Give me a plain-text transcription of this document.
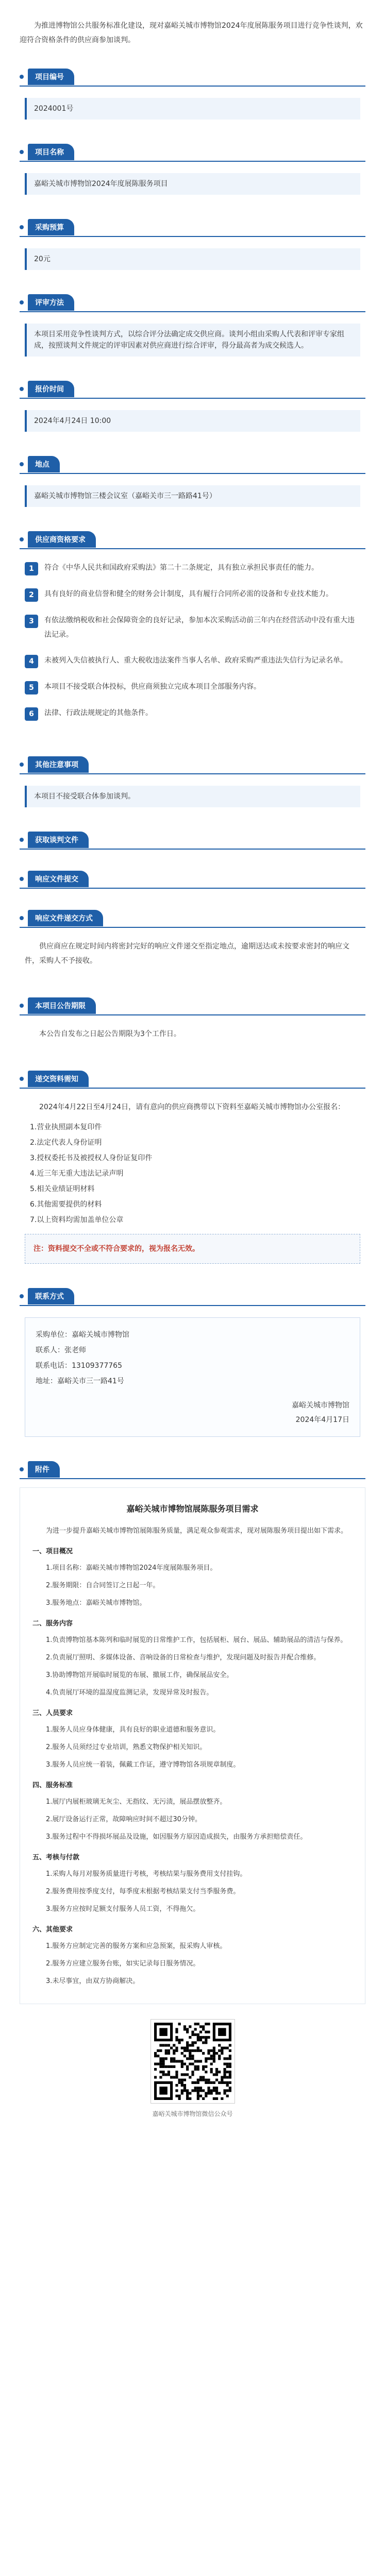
为推进博物馆公共服务标准化建设，现对嘉峪关城市博物馆2024年度展陈服务项目进行竞争性谈判，欢迎符合资格条件的供应商参加谈判。

项目编号
2024001号
项目名称
嘉峪关城市博物馆2024年度展陈服务项目
采购预算
20元
评审方法
本项目采用竞争性谈判方式，以综合评分法确定成交供应商。谈判小组由采购人代表和评审专家组成，按照谈判文件规定的评审因素对供应商进行综合评审，得分最高者为成交候选人。
报价时间
2024年4月24日 10:00
地点
嘉峪关城市博物馆三楼会议室（嘉峪关市三一路路41号）
供应商资格要求
1	符合《中华人民共和国政府采购法》第二十二条规定，具有独立承担民事责任的能力。
2	具有良好的商业信誉和健全的财务会计制度，具有履行合同所必需的设备和专业技术能力。
3	有依法缴纳税收和社会保障资金的良好记录，参加本次采购活动前三年内在经营活动中没有重大违法记录。
4	未被列入失信被执行人、重大税收违法案件当事人名单、政府采购严重违法失信行为记录名单。
5	本项目不接受联合体投标，供应商须独立完成本项目全部服务内容。
6	法律、行政法规规定的其他条件。
其他注意事项
本项目不接受联合体参加谈判。
获取谈判文件
响应文件提交
响应文件递交方式

供应商应在规定时间内将密封完好的响应文件递交至指定地点，逾期送达或未按要求密封的响应文件，采购人不予接收。

本项目公告期限

本公告自发布之日起公告期限为3个工作日。

递交资料需知

2024年4月22日至4月24日，请有意向的供应商携带以下资料至嘉峪关城市博物馆办公室报名：

1.营业执照副本复印件
2.法定代表人身份证明
3.授权委托书及被授权人身份证复印件
4.近三年无重大违法记录声明
5.相关业绩证明材料
6.其他需要提供的材料
7.以上资料均需加盖单位公章
注：资料提交不全或不符合要求的，视为报名无效。
联系方式
采购单位：嘉峪关城市博物馆
联系人：张老师
联系电话：13109377765
地址：嘉峪关市三一路41号
嘉峪关城市博物馆
2024年4月17日
附件
嘉峪关城市博物馆展陈服务项目需求

为进一步提升嘉峪关城市博物馆展陈服务质量，满足观众参观需求，现对展陈服务项目提出如下需求。

一、项目概况

1.项目名称：嘉峪关城市博物馆2024年度展陈服务项目。

2.服务期限：自合同签订之日起一年。

3.服务地点：嘉峪关城市博物馆。

二、服务内容

1.负责博物馆基本陈列和临时展览的日常维护工作，包括展柜、展台、展品、辅助展品的清洁与保养。

2.负责展厅照明、多媒体设备、音响设备的日常检查与维护，发现问题及时报告并配合维修。

3.协助博物馆开展临时展览的布展、撤展工作，确保展品安全。

4.负责展厅环境的温湿度监测记录，发现异常及时报告。

三、人员要求

1.服务人员应身体健康，具有良好的职业道德和服务意识。

2.服务人员须经过专业培训，熟悉文物保护相关知识。

3.服务人员应统一着装，佩戴工作证，遵守博物馆各项规章制度。

四、服务标准

1.展厅内展柜玻璃无灰尘、无指纹、无污渍，展品摆放整齐。

2.展厅设备运行正常，故障响应时间不超过30分钟。

3.服务过程中不得损坏展品及设施，如因服务方原因造成损失，由服务方承担赔偿责任。

五、考核与付款

1.采购人每月对服务质量进行考核，考核结果与服务费用支付挂钩。

2.服务费用按季度支付，每季度末根据考核结果支付当季服务费。

3.服务方应按时足额支付服务人员工资，不得拖欠。

六、其他要求

1.服务方应制定完善的服务方案和应急预案，报采购人审核。

2.服务方应建立服务台账，如实记录每日服务情况。

3.未尽事宜，由双方协商解决。

嘉峪关城市博物馆微信公众号
